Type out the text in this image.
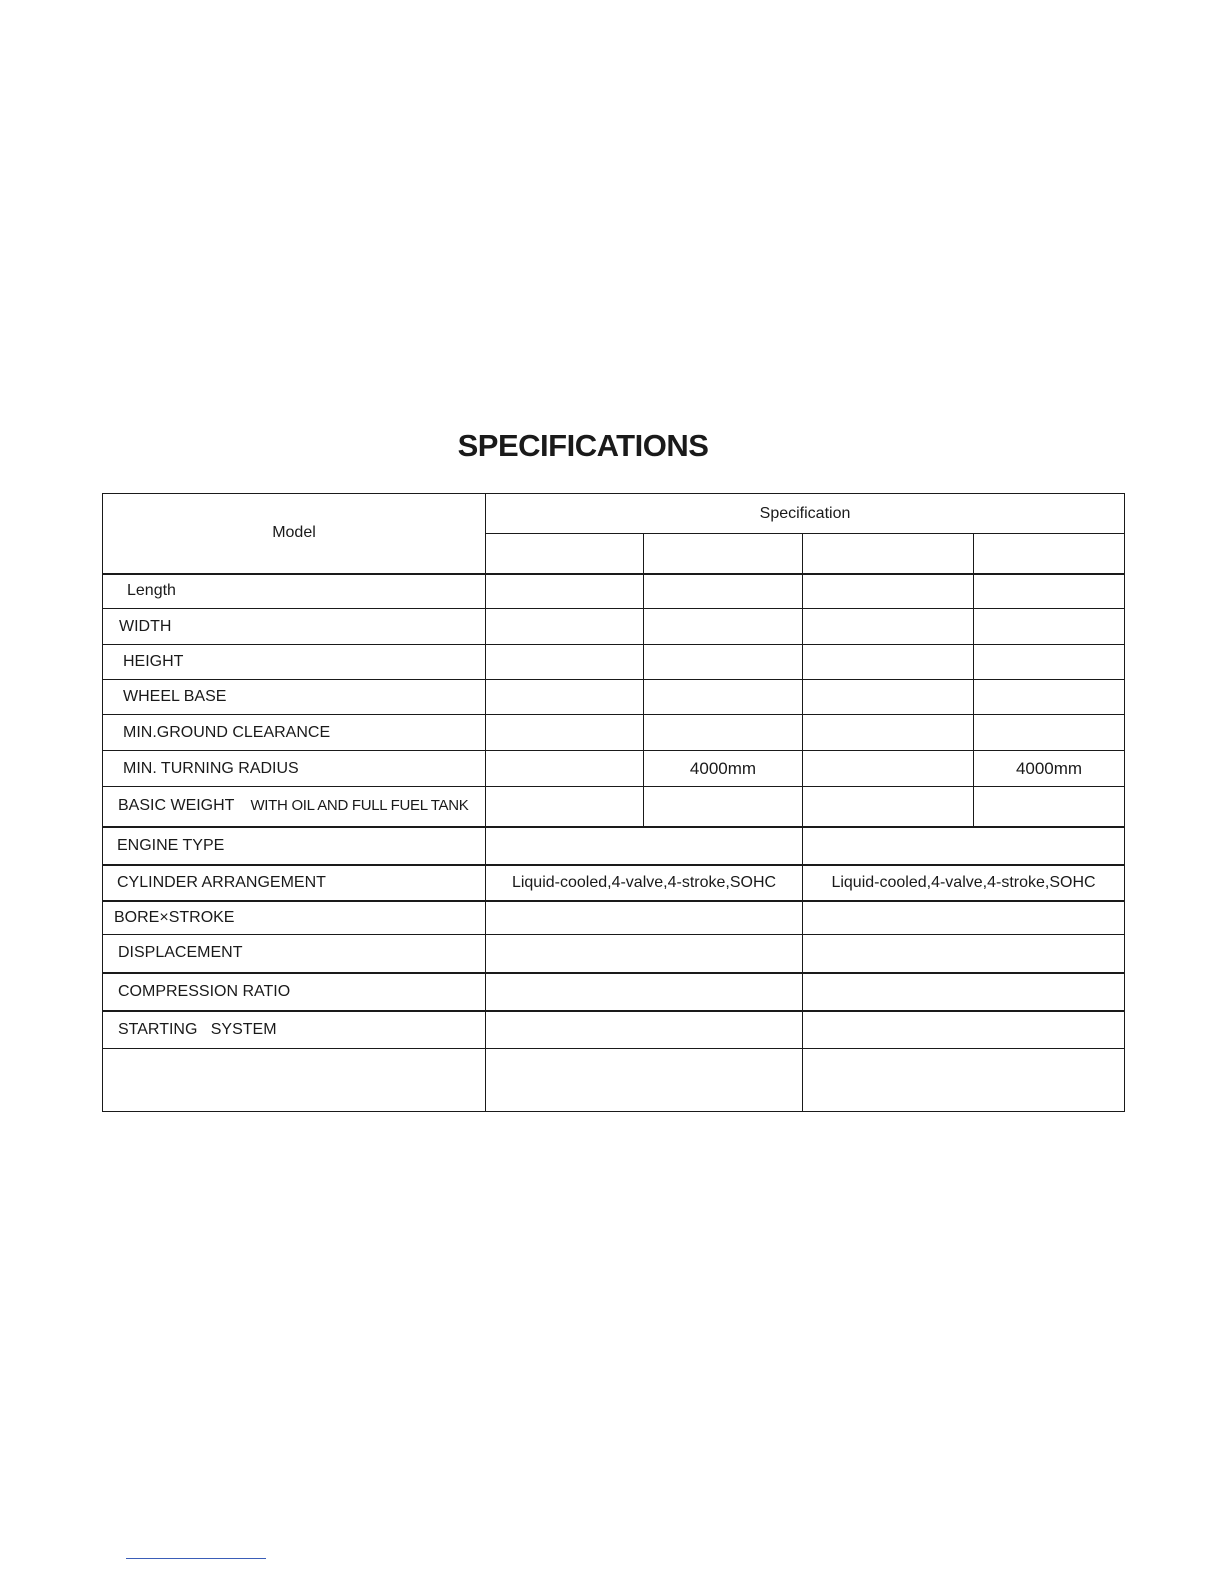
SPECIFICATIONS
Model	Specification			

Length				
WIDTH				
HEIGHT				
WHEEL BASE				
MIN.GROUND CLEARANCE				
MIN. TURNING RADIUS		4000mm		4000mm
BASIC WEIGHT WITH OIL AND FULL FUEL TANK				
ENGINE TYPE				
CYLINDER ARRANGEMENT	Liquid-cooled,4-valve,4-stroke,SOHC		Liquid-cooled,4-valve,4-stroke,SOHC	
BORE×STROKE				
DISPLACEMENT				
COMPRESSION RATIO				
STARTING   SYSTEM				
